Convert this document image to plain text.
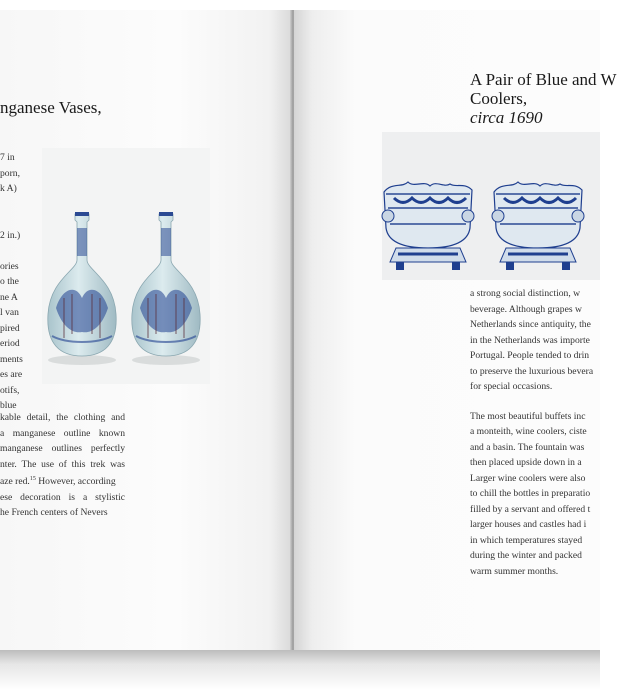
nganese Vases,

7 in

porn,

k A)

2 in.)

ories

o the

ne A

l van

pired

eriod

ments

es are

otifs,

blue

kable detail, the clothing and

a manganese outline known

manganese outlines perfectly

nter. The use of this trek was

aze red.$^{15}$ However, according

ese decoration is a stylistic

he French centers of Nevers

A Pair of Blue and W
Coolers,
circa 1690

a strong social distinction, w

beverage. Although grapes w

Netherlands since antiquity, the

in the Netherlands was importe

Portugal. People tended to drin

to preserve the luxurious bevera

for special occasions.

The most beautiful buffets inc

a monteith, wine coolers, ciste

and a basin. The fountain was

then placed upside down in a

Larger wine coolers were also

to chill the bottles in preparatio

filled by a servant and offered t

larger houses and castles had i

in which temperatures stayed

during the winter and packed

warm summer months.
